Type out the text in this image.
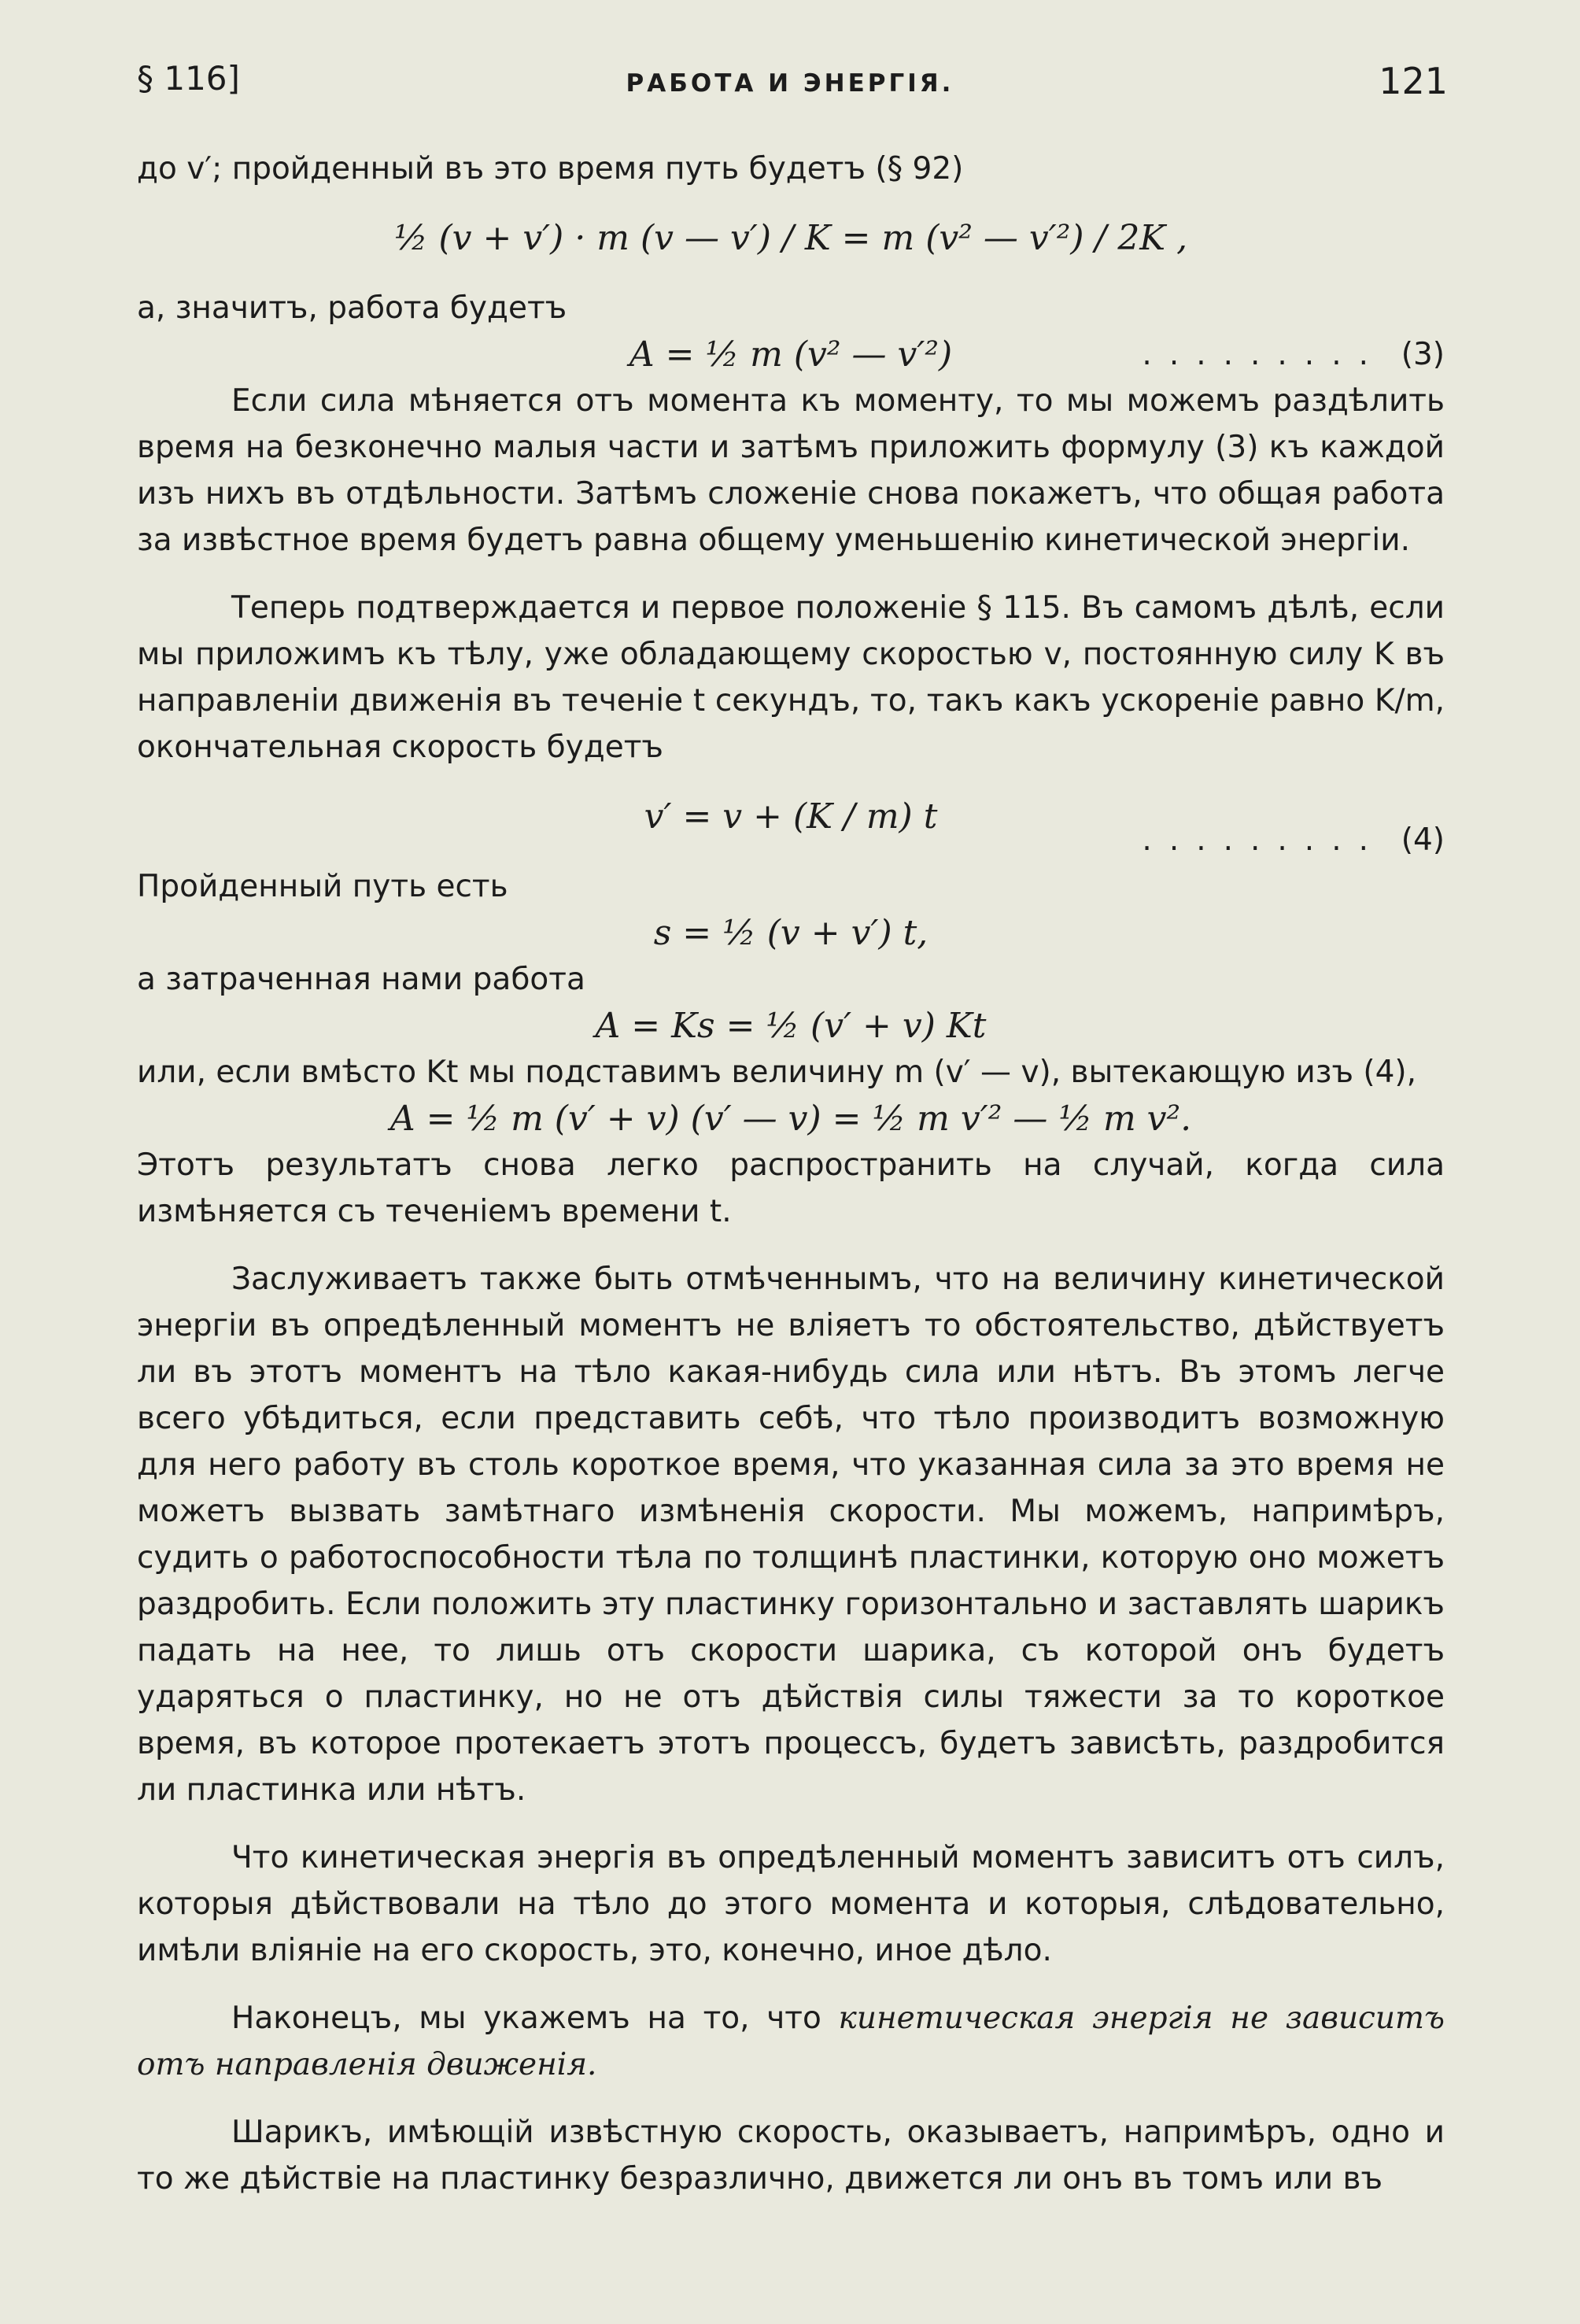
§ 116]	РАБОТА И ЭНЕРГІЯ.	121

до v′; пройденный въ это время путь будетъ (§ 92)

½ (v + v′) · m (v — v′) / K = m (v² — v′²) / 2K ,

а, значитъ, работа будетъ

A = ½ m (v² — v′²)	......... (3)

Если сила мѣняется отъ момента къ моменту, то мы можемъ раздѣлить время на безконечно малыя части и затѣмъ приложить формулу (3) къ каждой изъ нихъ въ отдѣльности. Затѣмъ сложеніе снова покажетъ, что общая работа за извѣстное время будетъ равна общему уменьшенію кинетической энергіи.

Теперь подтверждается и первое положеніе § 115. Въ самомъ дѣлѣ, если мы приложимъ къ тѣлу, уже обладающему скоростью v, постоянную силу K въ направленіи движенія въ теченіе t секундъ, то, такъ какъ ускореніе равно K/m, окончательная скорость будетъ

v′ = v + (K / m) t
......... (4)

Пройденный путь есть

s = ½ (v + v′) t,

а затраченная нами работа

A = Ks = ½ (v′ + v) Kt

или, если вмѣсто Kt мы подставимъ величину m (v′ — v), вытекающую изъ (4),

A = ½ m (v′ + v) (v′ — v) = ½ m v′² — ½ m v².

Этотъ результатъ снова легко распространить на случай, когда сила измѣняется съ теченіемъ времени t.

Заслуживаетъ также быть отмѣченнымъ, что на величину кинетической энергіи въ опредѣленный моментъ не вліяетъ то обстоятельство, дѣйствуетъ ли въ этотъ моментъ на тѣло какая-нибудь сила или нѣтъ. Въ этомъ легче всего убѣдиться, если представить себѣ, что тѣло производитъ возможную для него работу въ столь короткое время, что указанная сила за это время не можетъ вызвать замѣтнаго измѣненія скорости. Мы можемъ, напримѣръ, судить о работоспособности тѣла по толщинѣ пластинки, которую оно можетъ раздробить. Если положить эту пластинку горизонтально и заставлять шарикъ падать на нее, то лишь отъ скорости шарика, съ которой онъ будетъ ударяться о пластинку, но не отъ дѣйствія силы тяжести за то короткое время, въ которое протекаетъ этотъ процессъ, будетъ зависѣть, раздробится ли пластинка или нѣтъ.

Что кинетическая энергія въ опредѣленный моментъ зависитъ отъ силъ, которыя дѣйствовали на тѣло до этого момента и которыя, слѣдовательно, имѣли вліяніе на его скорость, это, конечно, иное дѣло.

Наконецъ, мы укажемъ на то, что кинетическая энергія не зависитъ отъ направленія движенія.

Шарикъ, имѣющій извѣстную скорость, оказываетъ, напримѣръ, одно и то же дѣйствіе на пластинку безразлично, движется ли онъ въ томъ или въ
